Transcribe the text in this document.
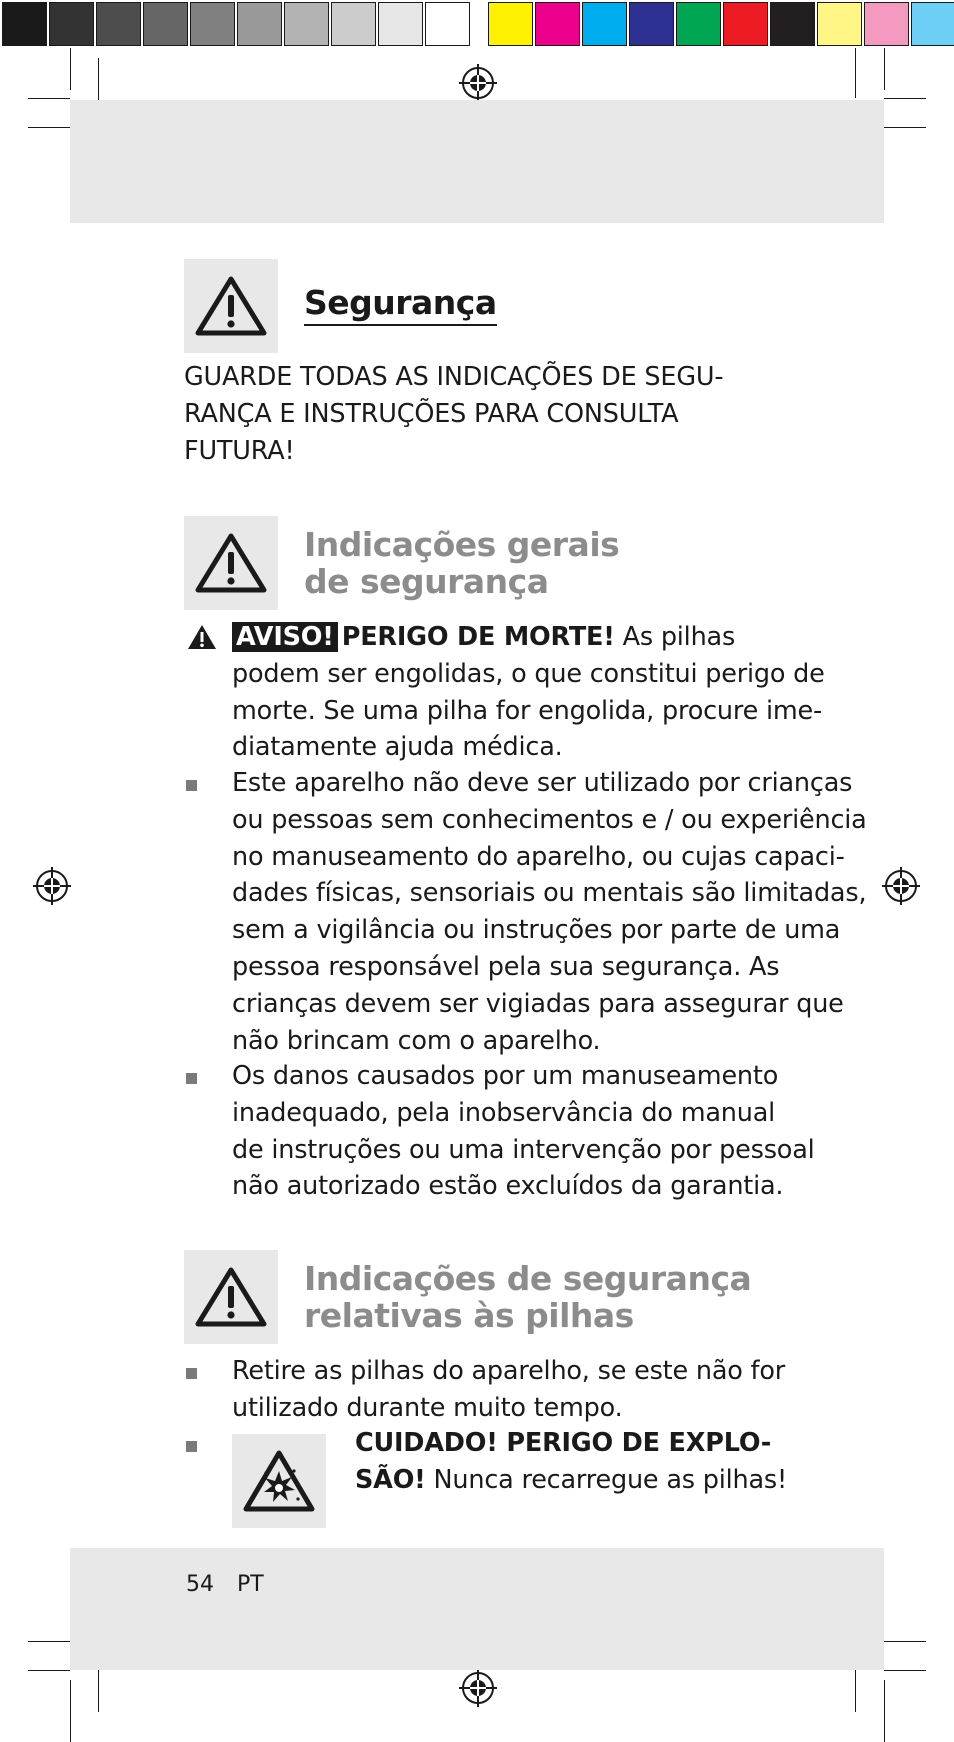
Segurança
GUARDE TODAS AS INDICAÇÕES DE SEGU-
RANÇA E INSTRUÇÕES PARA CONSULTA
FUTURA!
Indicações gerais
de segurança
AVISO! PERIGO DE MORTE! As pilhas
podem ser engolidas, o que constitui perigo de
morte. Se uma pilha for engolida, procure ime-
diatamente ajuda médica.
Este aparelho não deve ser utilizado por crianças
ou pessoas sem conhecimentos e / ou experiência
no manuseamento do aparelho, ou cujas capaci-
dades físicas, sensoriais ou mentais são limitadas,
sem a vigilância ou instruções por parte de uma
pessoa responsável pela sua segurança. As
crianças devem ser vigiadas para assegurar que
não brincam com o aparelho.
Os danos causados por um manuseamento
inadequado, pela inobservância do manual
de instruções ou uma intervenção por pessoal
não autorizado estão excluídos da garantia.
Indicações de segurança
relativas às pilhas
Retire as pilhas do aparelho, se este não for
utilizado durante muito tempo.
CUIDADO! PERIGO DE EXPLO-
SÃO! Nunca recarregue as pilhas!
54 PT
